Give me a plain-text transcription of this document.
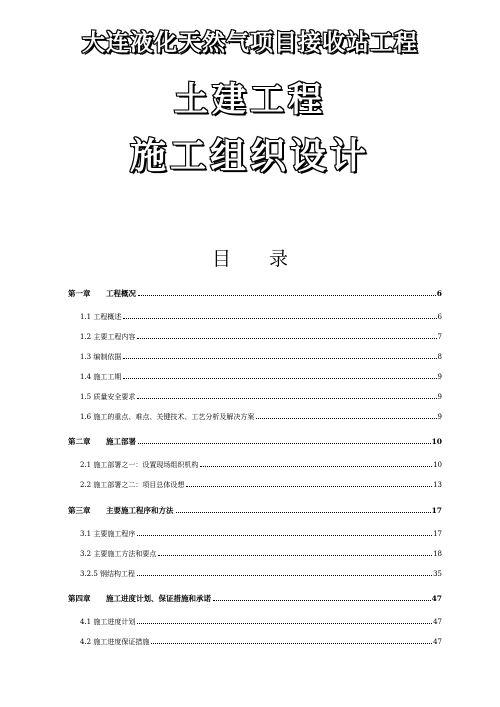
大连液化天然气项目接收站工程
土建工程
施工组织设计
目 录
第一章	工程概况	6
1.1 工程概述	6
1.2 主要工程内容	7
1.3 编制依据	8
1.4 施工工期	9
1.5 质量安全要求	9
1.6 施工的重点、难点、关键技术、工艺分析及解决方案	9
第二章	施工部署	10
2.1 施工部署之一：设置现场组织机构	10
2.2 施工部署之二：项目总体设想	13
第三章	主要施工程序和方法	17
3.1 主要施工程序	17
3.2 主要施工方法和要点	18
3.2.5 钢结构工程	35
第四章	施工进度计划、保证措施和承诺	47
4.1 施工进度计划	47
4.2 施工进度保证措施	47
